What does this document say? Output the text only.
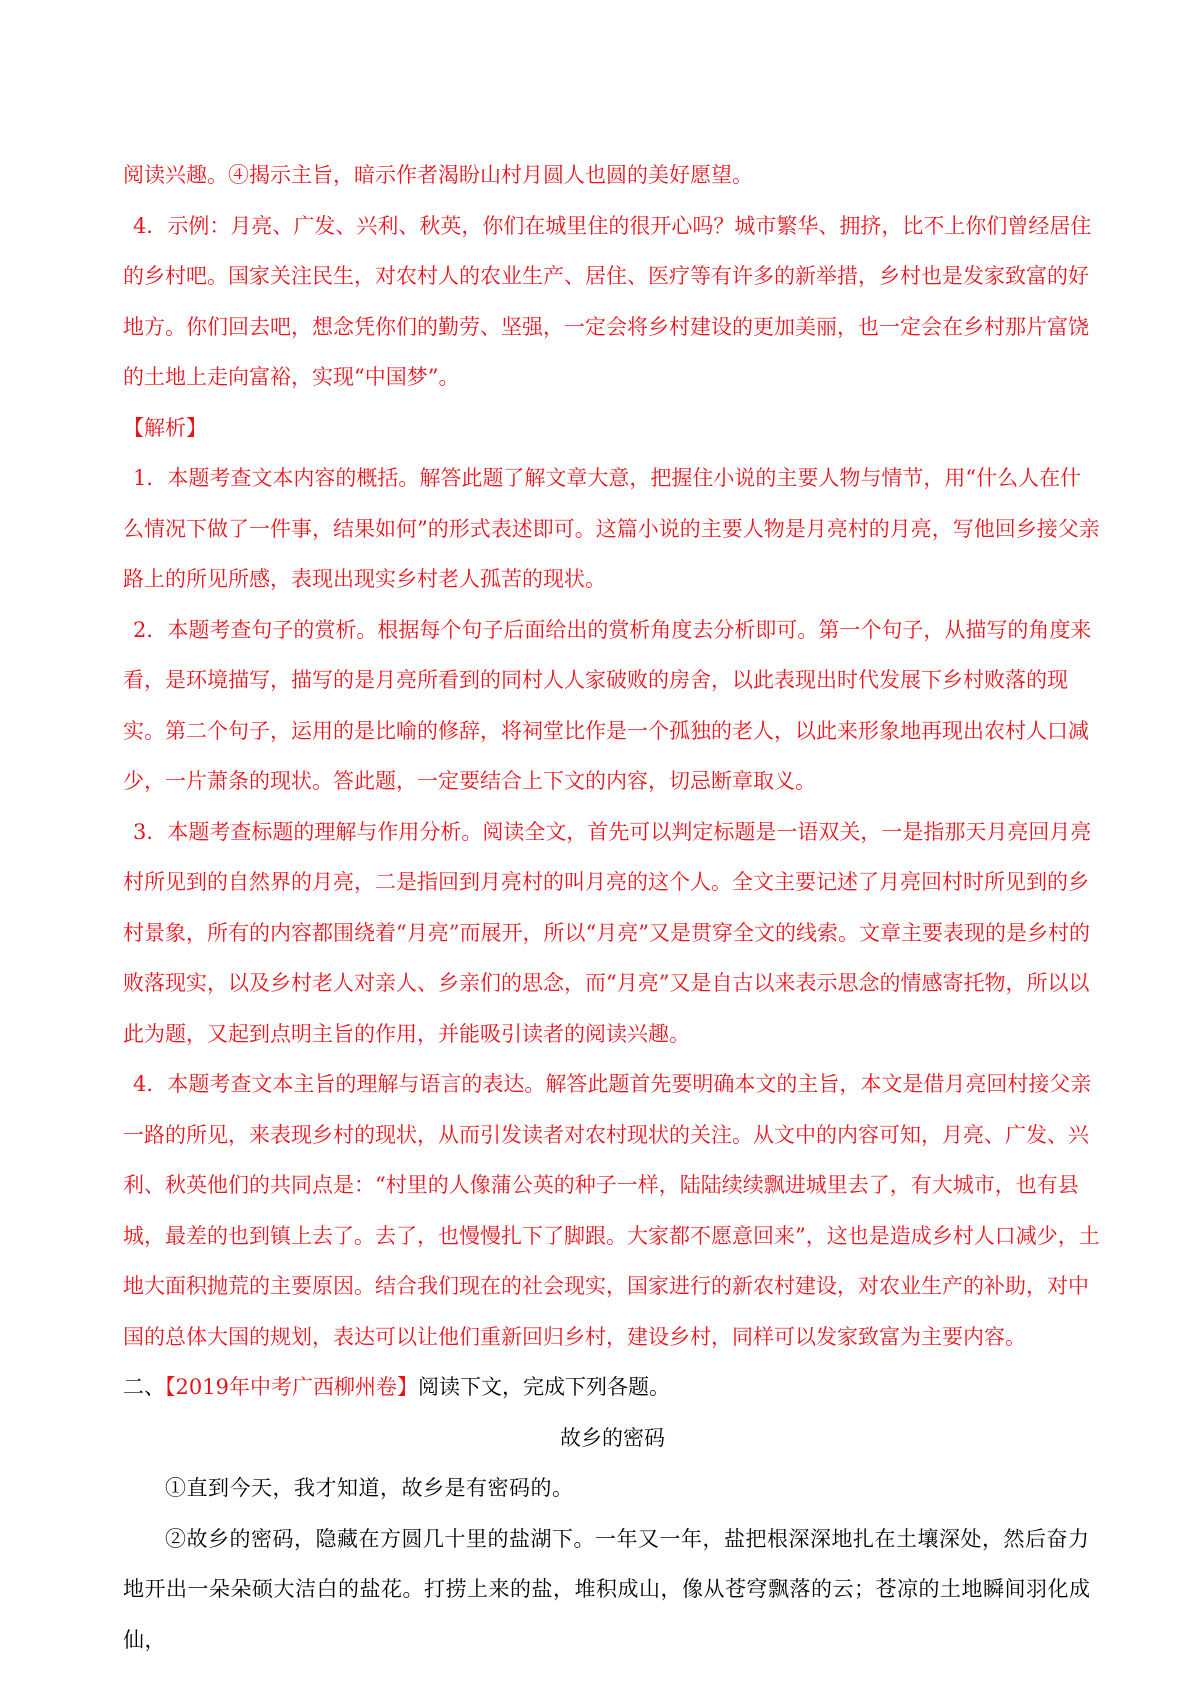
阅读兴趣。④揭示主旨，暗示作者渴盼山村月圆人也圆的美好愿望。

4．示例：月亮、广发、兴利、秋英，你们在城里住的很开心吗？城市繁华、拥挤，比不上你们曾经居住的乡村吧。国家关注民生，对农村人的农业生产、居住、医疗等有许多的新举措，乡村也是发家致富的好地方。你们回去吧，想念凭你们的勤劳、坚强，一定会将乡村建设的更加美丽，也一定会在乡村那片富饶的土地上走向富裕，实现“中国梦”。

【解析】

1．本题考查文本内容的概括。解答此题了解文章大意，把握住小说的主要人物与情节，用“什么人在什么情况下做了一件事，结果如何”的形式表述即可。这篇小说的主要人物是月亮村的月亮，写他回乡接父亲路上的所见所感，表现出现实乡村老人孤苦的现状。

2．本题考查句子的赏析。根据每个句子后面给出的赏析角度去分析即可。第一个句子，从描写的角度来看，是环境描写，描写的是月亮所看到的同村人人家破败的房舍，以此表现出时代发展下乡村败落的现实。第二个句子，运用的是比喻的修辞，将祠堂比作是一个孤独的老人，以此来形象地再现出农村人口减少，一片萧条的现状。答此题，一定要结合上下文的内容，切忌断章取义。

3．本题考查标题的理解与作用分析。阅读全文，首先可以判定标题是一语双关，一是指那天月亮回月亮村所见到的自然界的月亮，二是指回到月亮村的叫月亮的这个人。全文主要记述了月亮回村时所见到的乡村景象，所有的内容都围绕着“月亮”而展开，所以“月亮”又是贯穿全文的线索。文章主要表现的是乡村的败落现实，以及乡村老人对亲人、乡亲们的思念，而“月亮”又是自古以来表示思念的情感寄托物，所以以此为题，又起到点明主旨的作用，并能吸引读者的阅读兴趣。

4．本题考查文本主旨的理解与语言的表达。解答此题首先要明确本文的主旨，本文是借月亮回村接父亲一路的所见，来表现乡村的现状，从而引发读者对农村现状的关注。从文中的内容可知，月亮、广发、兴利、秋英他们的共同点是：“村里的人像蒲公英的种子一样，陆陆续续飘进城里去了，有大城市，也有县城，最差的也到镇上去了。去了，也慢慢扎下了脚跟。大家都不愿意回来”，这也是造成乡村人口减少，土地大面积抛荒的主要原因。结合我们现在的社会现实，国家进行的新农村建设，对农业生产的补助，对中国的总体大国的规划，表达可以让他们重新回归乡村，建设乡村，同样可以发家致富为主要内容。

二、【2019年中考广西柳州卷】阅读下文，完成下列各题。

故乡的密码

①直到今天，我才知道，故乡是有密码的。

②故乡的密码，隐藏在方圆几十里的盐湖下。一年又一年，盐把根深深地扎在土壤深处，然后奋力地开出一朵朵硕大洁白的盐花。打捞上来的盐，堆积成山，像从苍穹飘落的云；苍凉的土地瞬间羽化成仙，
